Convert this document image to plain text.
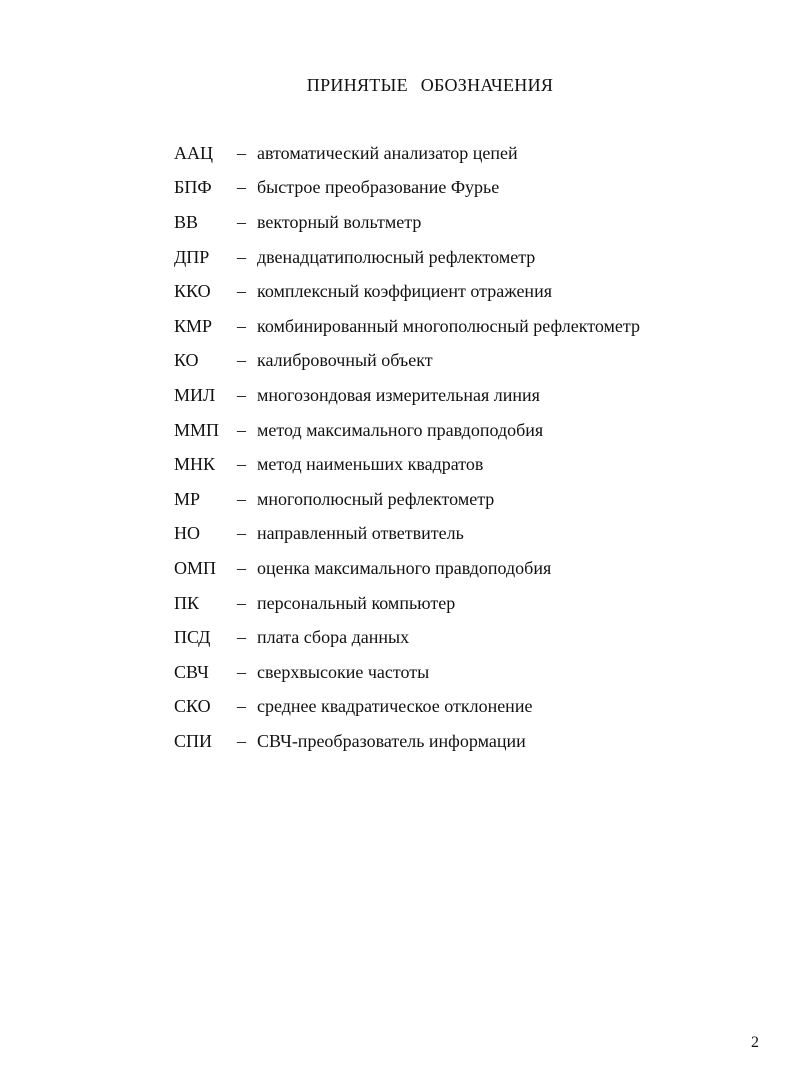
ПРИНЯТЫЕ ОБОЗНАЧЕНИЯ
ААЦ	– автоматический анализатор цепей
БПФ	– быстрое преобразование Фурье
ВВ	– векторный вольтметр
ДПР	– двенадцатиполюсный рефлектометр
ККО	– комплексный коэффициент отражения
КМР	– комбинированный многополюсный рефлектометр
КО	– калибровочный объект
МИЛ	– многозондовая измерительная линия
ММП – метод максимального правдоподобия
МНК	– метод наименьших квадратов
МР	– многополюсный рефлектометр
НО	– направленный ответвитель
ОМП	– оценка максимального правдоподобия
ПК	– персональный компьютер
ПСД	– плата сбора данных
СВЧ	– сверхвысокие частоты
СКО	– среднее квадратическое отклонение
СПИ	– СВЧ-преобразователь информации
2
